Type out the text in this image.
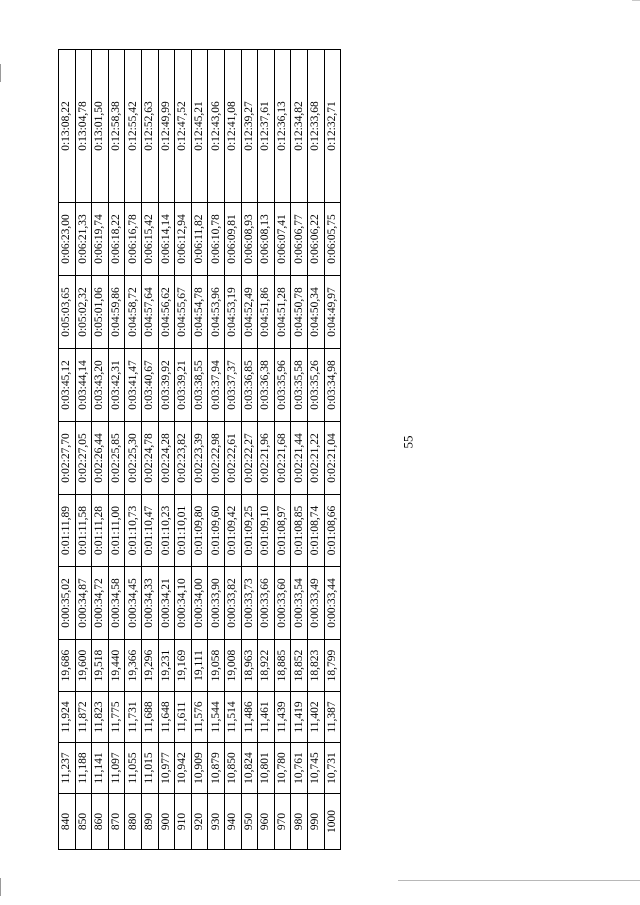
55
840	11,237	11,924	19,686	0:00:35,02	0:01:11,89	0:02:27,70	0:03:45,12	0:05:03,65	0:06:23,00	0:13:08,22
850	11,188	11,872	19,600	0:00:34,87	0:01:11,58	0:02:27,05	0:03:44,14	0:05:02,32	0:06:21,33	0:13:04,78
860	11,141	11,823	19,518	0:00:34,72	0:01:11,28	0:02:26,44	0:03:43,20	0:05:01,06	0:06:19,74	0:13:01,50
870	11,097	11,775	19,440	0:00:34,58	0:01:11,00	0:02:25,85	0:03:42,31	0:04:59,86	0:06:18,22	0:12:58,38
880	11,055	11,731	19,366	0:00:34,45	0:01:10,73	0:02:25,30	0:03:41,47	0:04:58,72	0:06:16,78	0:12:55,42
890	11,015	11,688	19,296	0:00:34,33	0:01:10,47	0:02:24,78	0:03:40,67	0:04:57,64	0:06:15,42	0:12:52,63
900	10,977	11,648	19,231	0:00:34,21	0:01:10,23	0:02:24,28	0:03:39,92	0:04:56,62	0:06:14,14	0:12:49,99
910	10,942	11,611	19,169	0:00:34,10	0:01:10,01	0:02:23,82	0:03:39,21	0:04:55,67	0:06:12,94	0:12:47,52
920	10,909	11,576	19,111	0:00:34,00	0:01:09,80	0:02:23,39	0:03:38,55	0:04:54,78	0:06:11,82	0:12:45,21
930	10,879	11,544	19,058	0:00:33,90	0:01:09,60	0:02:22,98	0:03:37,94	0:04:53,96	0:06:10,78	0:12:43,06
940	10,850	11,514	19,008	0:00:33,82	0:01:09,42	0:02:22,61	0:03:37,37	0:04:53,19	0:06:09,81	0:12:41,08
950	10,824	11,486	18,963	0:00:33,73	0:01:09,25	0:02:22,27	0:03:36,85	0:04:52,49	0:06:08,93	0:12:39,27
960	10,801	11,461	18,922	0:00:33,66	0:01:09,10	0:02:21,96	0:03:36,38	0:04:51,86	0:06:08,13	0:12:37,61
970	10,780	11,439	18,885	0:00:33,60	0:01:08,97	0:02:21,68	0:03:35,96	0:04:51,28	0:06:07,41	0:12:36,13
980	10,761	11,419	18,852	0:00:33,54	0:01:08,85	0:02:21,44	0:03:35,58	0:04:50,78	0:06:06,77	0:12:34,82
990	10,745	11,402	18,823	0:00:33,49	0:01:08,74	0:02:21,22	0:03:35,26	0:04:50,34	0:06:06,22	0:12:33,68
1000	10,731	11,387	18,799	0:00:33,44	0:01:08,66	0:02:21,04	0:03:34,98	0:04:49,97	0:06:05,75	0:12:32,71
